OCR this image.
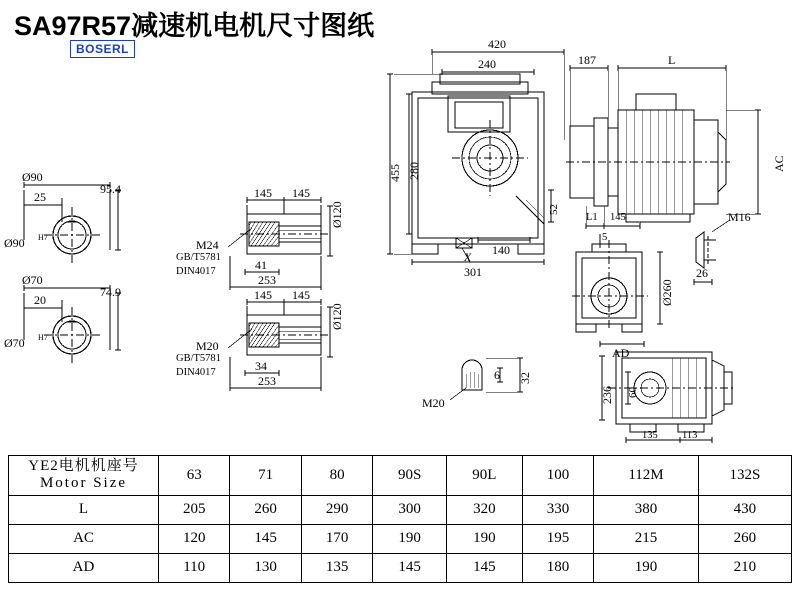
SA97R57减速机电机尺寸图纸
BOSERL
Ø90
25
95.4
Ø90 H7
Ø70
20
74.9
Ø70 H7
145 145
Ø120
M24
GB/T5781
DIN4017	41
253
145 145
Ø120
M20
GB/T5781
DIN4017	34
253
455 280
420
240
52
140
301
X
187	L
AC
L1 145
5
Ø260
AD
M16
26
32
6
M20	236 60
135 113
YE2电机机座号
Motor Size	63	71	80	90S	90L	100	112M	132S
L	205	260	290	300	320	330	380	430
AC	120	145	170	190	190	195	215	260
AD	110	130	135	145	145	180	190	210
